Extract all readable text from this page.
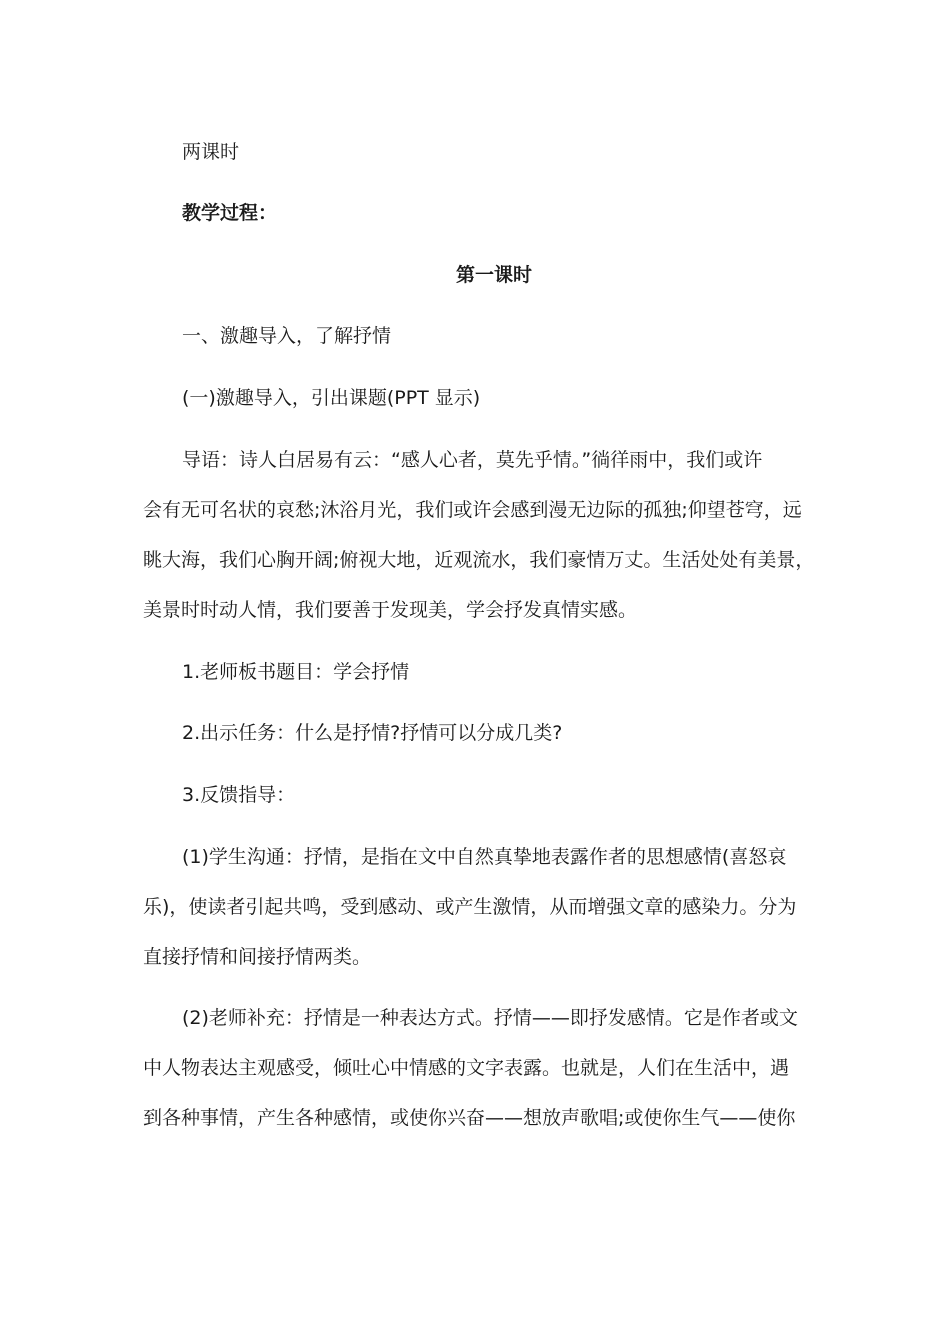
两课时
教学过程：
第一课时
一、激趣导入，了解抒情
(一)激趣导入，引出课题(PPT 显示)
导语：诗人白居易有云：“感人心者，莫先乎情。”徜徉雨中，我们或许
会有无可名状的哀愁;沐浴月光，我们或许会感到漫无边际的孤独;仰望苍穹，远
眺大海，我们心胸开阔;俯视大地，近观流水，我们豪情万丈。生活处处有美景，
美景时时动人情，我们要善于发现美，学会抒发真情实感。
1.老师板书题目：学会抒情
2.出示任务：什么是抒情?抒情可以分成几类?
3.反馈指导：
(1)学生沟通：抒情，是指在文中自然真挚地表露作者的思想感情(喜怒哀
乐)，使读者引起共鸣，受到感动、或产生激情，从而增强文章的感染力。分为
直接抒情和间接抒情两类。
(2)老师补充：抒情是一种表达方式。抒情——即抒发感情。它是作者或文
中人物表达主观感受，倾吐心中情感的文字表露。也就是，人们在生活中，遇
到各种事情，产生各种感情，或使你兴奋——想放声歌唱;或使你生气——使你
